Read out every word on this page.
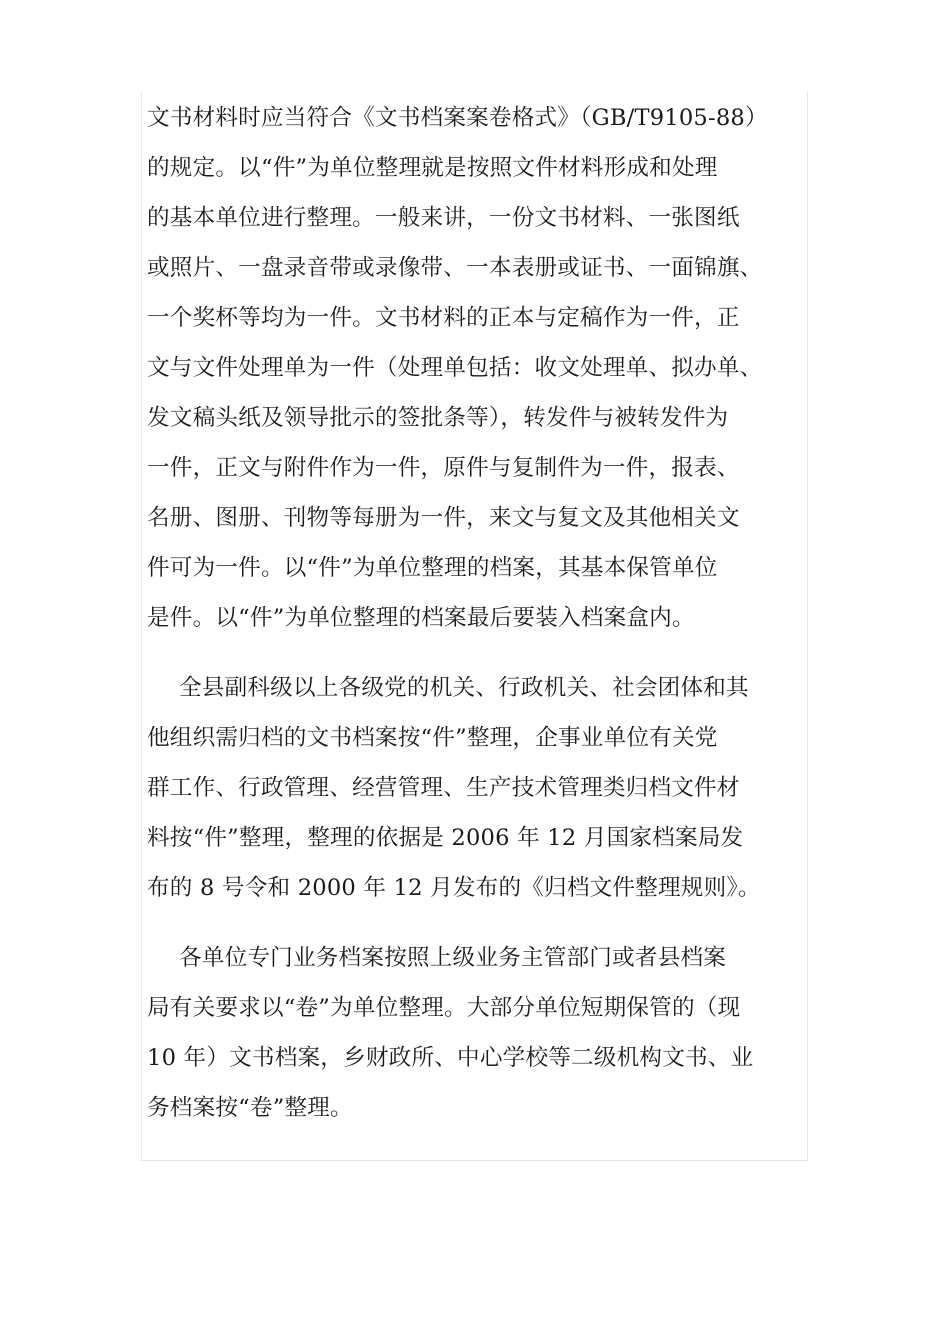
文书材料时应当符合《文书档案案卷格式》（GB/T9105-88）
的规定。以“件”为单位整理就是按照文件材料形成和处理
的基本单位进行整理。一般来讲，一份文书材料、一张图纸
或照片、一盘录音带或录像带、一本表册或证书、一面锦旗、
一个奖杯等均为一件。文书材料的正本与定稿作为一件，正
文与文件处理单为一件（处理单包括：收文处理单、拟办单、
发文稿头纸及领导批示的签批条等），转发件与被转发件为
一件，正文与附件作为一件，原件与复制件为一件，报表、
名册、图册、刊物等每册为一件，来文与复文及其他相关文
件可为一件。以“件”为单位整理的档案，其基本保管单位
是件。以“件”为单位整理的档案最后要装入档案盒内。
全县副科级以上各级党的机关、行政机关、社会团体和其
他组织需归档的文书档案按“件”整理，企事业单位有关党
群工作、行政管理、经营管理、生产技术管理类归档文件材
料按“件”整理，整理的依据是 2006 年 12 月国家档案局发
布的 8 号令和 2000 年 12 月发布的《归档文件整理规则》。
各单位专门业务档案按照上级业务主管部门或者县档案
局有关要求以“卷”为单位整理。大部分单位短期保管的（现
10 年）文书档案，乡财政所、中心学校等二级机构文书、业
务档案按“卷”整理。
